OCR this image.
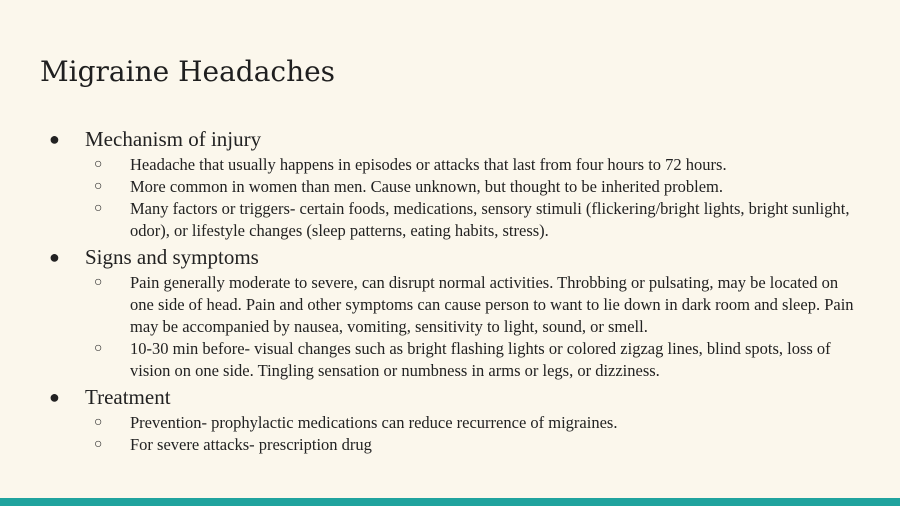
Migraine Headaches
● Mechanism of injury
○ Headache that usually happens in episodes or attacks that last from four hours to 72 hours.
○ More common in women than men. Cause unknown, but thought to be inherited problem.
○ Many factors or triggers- certain foods, medications, sensory stimuli (flickering/bright lights, bright sunlight, odor), or lifestyle changes (sleep patterns, eating habits, stress).
● Signs and symptoms
○ Pain generally moderate to severe, can disrupt normal activities. Throbbing or pulsating, may be located on one side of head. Pain and other symptoms can cause person to want to lie down in dark room and sleep. Pain may be accompanied by nausea, vomiting, sensitivity to light, sound, or smell.
○ 10-30 min before- visual changes such as bright flashing lights or colored zigzag lines, blind spots, loss of vision on one side. Tingling sensation or numbness in arms or legs, or dizziness.
● Treatment
○ Prevention- prophylactic medications can reduce recurrence of migraines.
○ For severe attacks- prescription drug
